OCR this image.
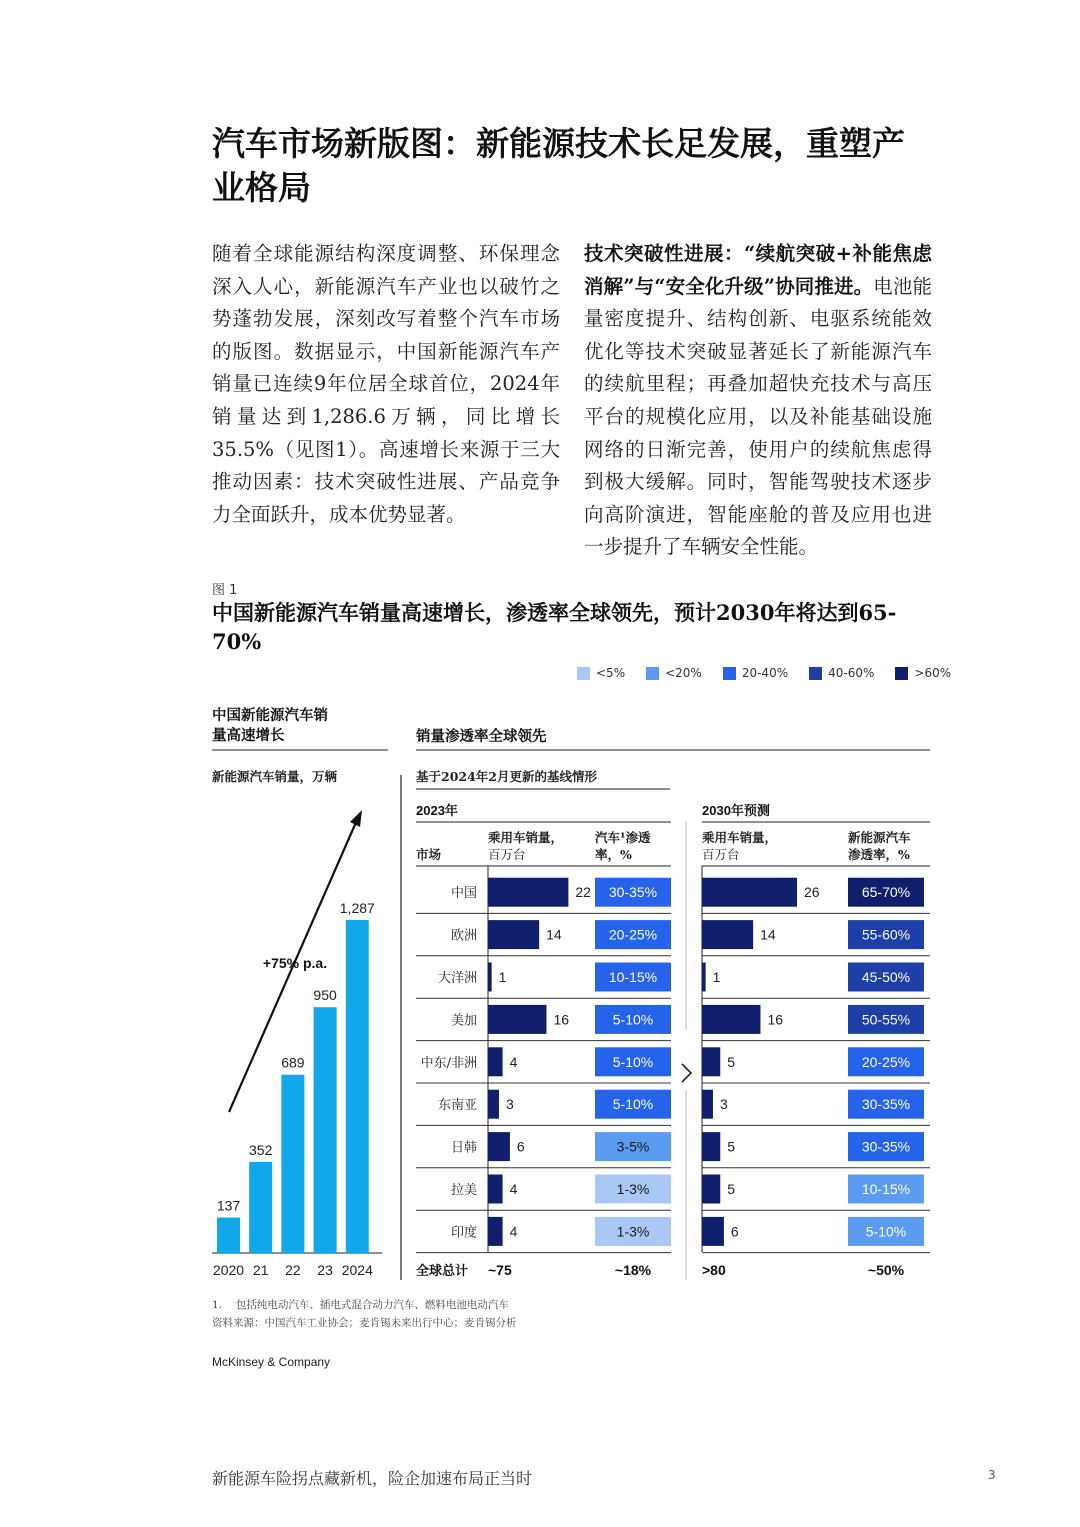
汽车市场新版图：新能源技术长足发展，重塑产业格局
随着全球能源结构深度调整、环保理念深入人心，新能源汽车产业也以破竹之势蓬勃发展，深刻改写着整个汽车市场的版图。数据显示，中国新能源汽车产销量已连续9年位居全球首位，2024年销量达到1,286.6万辆，同比增长35.5%（见图1）。高速增长来源于三大推动因素：技术突破性进展、产品竞争力全面跃升，成本优势显著。
技术突破性进展：“续航突破+补能焦虑消解”与“安全化升级”协同推进。电池能量密度提升、结构创新、电驱系统能效优化等技术突破显著延长了新能源汽车的续航里程；再叠加超快充技术与高压平台的规模化应用，以及补能基础设施网络的日渐完善，使用户的续航焦虑得到极大缓解。同时，智能驾驶技术逐步向高阶演进，智能座舱的普及应用也进一步提升了车辆安全性能。
图 1
中国新能源汽车销量高速增长，渗透率全球领先，预计2030年将达到65-70%
<5%	<20%	20-40%	40-60%	>60%
中国新能源汽车销
量高速增长
新能源汽车销量，万辆
137
2020
352
21
689
22
950
23
1,287
2024
+75% p.a.
销量渗透率全球领先
基于2024年2月更新的基线情形
2023年
乘用车销量，
百万台
汽车¹渗透
率，%
2030年预测
乘用车销量，
百万台
新能源汽车
渗透率，%
市场
中国	22 30-35%	26	65-70%
欧洲	14	20-25%	14	55-60%
大洋洲 1	10-15%	1	45-50%
美加	16	5-10%	16	50-55%
中东/非洲 4	5-10%	5	20-25%
东南亚 3	5-10%	3	30-35%
日韩	6	3-5%	5	30-35%
拉美 4	1-3%	5	10-15%
印度 4	1-3%	6	5-10%
全球总计 ~75	~18%	>80	~50%
1. 　包括纯电动汽车、插电式混合动力汽车、燃料电池电动汽车
资料来源：中国汽车工业协会；麦肯锡未来出行中心；麦肯锡分析
McKinsey & Company
新能源车险拐点藏新机，险企加速布局正当时	3
